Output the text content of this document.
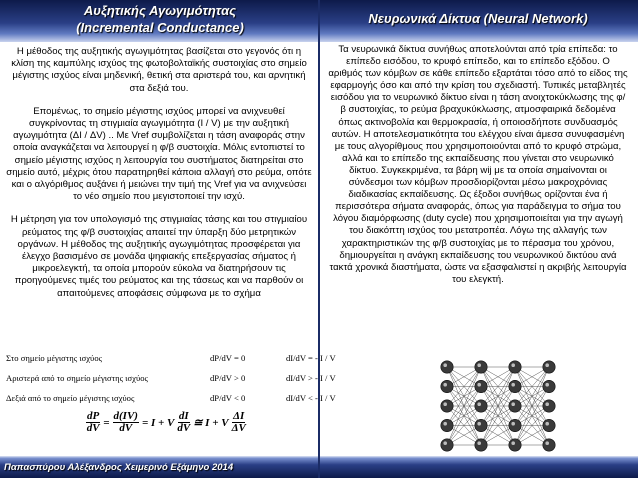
Αυξητικής Αγωγιμότητας
(Incremental Conductance)
Νευρωνικά Δίκτυα (Neural Network)

Η μέθοδος της αυξητικής αγωγιμότητας βασίζεται στο γεγονός ότι η κλίση της καμπύλης ισχύος της φωτοβολταϊκής συστοιχίας στο σημείο μέγιστης ισχύος είναι μηδενική, θετική στα αριστερά του, και αρνητική στα δεξιά του.

Επομένως, το σημείο μέγιστης ισχύος μπορεί να ανιχνευθεί συγκρίνοντας τη στιγμιαία αγωγιμότητα (I / V) με την αυξητική αγωγιμότητα (ΔI / ΔV) .. Με Vref συμβολίζεται η τάση αναφοράς στην οποία αναγκάζεται να λειτουργεί η φ/β συστοιχία. Μόλις εντοπιστεί το σημείο μέγιστης ισχύος η λειτουργία του συστήματος διατηρείται στο σημείο αυτό, μέχρις ότου παρατηρηθεί κάποια αλλαγή στο ρεύμα, οπότε και ο αλγόριθμος αυξάνει ή μειώνει την τιμή της Vref για να ανιχνεύσει το νέο σημείο που μεγιστοποιεί την ισχύ.

Η μέτρηση για τον υπολογισμό της στιγμιαίας τάσης και του στιγμιαίου ρεύματος της φ/β συστοιχίας απαιτεί την ύπαρξη δύο μετρητικών οργάνων. Η μέθοδος της αυξητικής αγωγιμότητας προσφέρεται για έλεγχο βασισμένο σε μονάδα ψηφιακής επεξεργασίας σήματος ή μικροελεγκτή, τα οποία μπορούν εύκολα να διατηρήσουν τις προηγούμενες τιμές του ρεύματος και της τάσεως και να παρθούν οι απαιτούμενες αποφάσεις σύμφωνα με το σχήμα

Στο σημείο μέγιστης ισχύος	dP/dV = 0	dI/dV = - I / V
Αριστερά από το σημείο μέγιστης ισχύος	dP/dV > 0	dI/dV > - I / V
Δεξιά από το σημείο μέγιστης ισχύος	dP/dV < 0	dI/dV < - I / V
$\frac{dP}{dV} = \frac{d(IV)}{dV} = I + V \frac{dI}{dV}$ ≅ I + V $\frac{\Delta I}{\Delta V}$
Τα νευρωνικά δίκτυα συνήθως αποτελούνται από τρία επίπεδα: το επίπεδο εισόδου, το κρυφό επίπεδο, και το επίπεδο εξόδου. Ο αριθμός των κόμβων σε κάθε επίπεδο εξαρτάται τόσο από το είδος της εφαρμογής όσο και από την κρίση του σχεδιαστή. Τυπικές μεταβλητές εισόδου για το νευρωνικό δίκτυο είναι η τάση ανοιχτοκύκλωσης της φ/β συστοιχίας, το ρεύμα βραχυκύκλωσης, ατμοσφαιρικά δεδομένα όπως ακτινοβολία και θερμοκρασία, ή οποιοσδήποτε συνδυασμός αυτών. Η αποτελεσματικότητα του ελέγχου είναι άμεσα συνυφασμένη με τους αλγορίθμους που χρησιμοποιούνται από το κρυφό στρώμα, αλλά και το επίπεδο της εκπαίδευσης που γίνεται στο νευρωνικό δίκτυο. Συγκεκριμένα, τα βάρη wij με τα οποία σημαίνονται οι σύνδεσμοι των κόμβων προσδιορίζονται μέσω μακροχρόνιας διαδικασίας εκπαίδευσης. Ως έξοδοι συνήθως ορίζονται ένα ή περισσότερα σήματα αναφοράς, όπως για παράδειγμα το σήμα του λόγου διαμόρφωσης (duty cycle) που χρησιμοποιείται για την αγωγή του διακόπτη ισχύος του μετατροπέα. Λόγω της αλλαγής των χαρακτηριστικών της φ/β συστοιχίας με το πέρασμα του χρόνου, δημιουργείται η ανάγκη εκπαίδευσης του νευρωνικού δικτύου ανά τακτά χρονικά διαστήματα, ώστε να εξασφαλιστεί η ακριβής λειτουργία του ελεγκτή.
Παπασπύρου Αλέξανδρος Χειμερινό Εξάμηνο 2014
